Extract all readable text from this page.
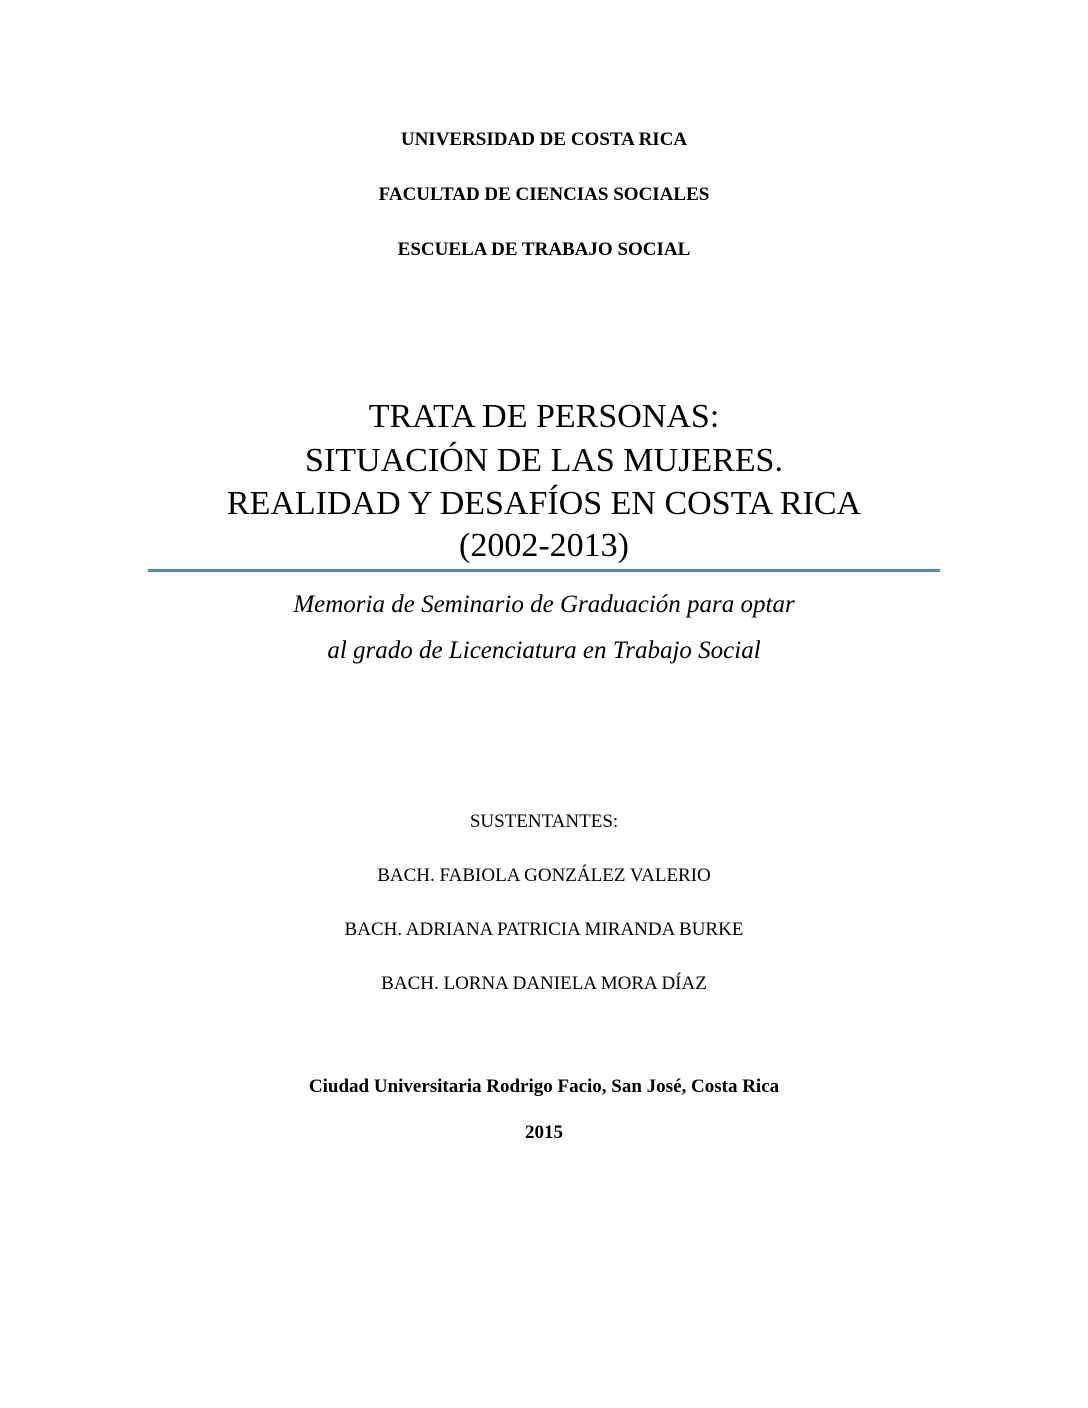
UNIVERSIDAD DE COSTA RICA
FACULTAD DE CIENCIAS SOCIALES
ESCUELA DE TRABAJO SOCIAL
TRATA DE PERSONAS:
SITUACIÓN DE LAS MUJERES.
REALIDAD Y DESAFÍOS EN COSTA RICA
(2002-2013)
Memoria de Seminario de Graduación para optar
al grado de Licenciatura en Trabajo Social
SUSTENTANTES:
BACH. FABIOLA GONZÁLEZ VALERIO
BACH. ADRIANA PATRICIA MIRANDA BURKE
BACH. LORNA DANIELA MORA DÍAZ
Ciudad Universitaria Rodrigo Facio, San José, Costa Rica
2015
